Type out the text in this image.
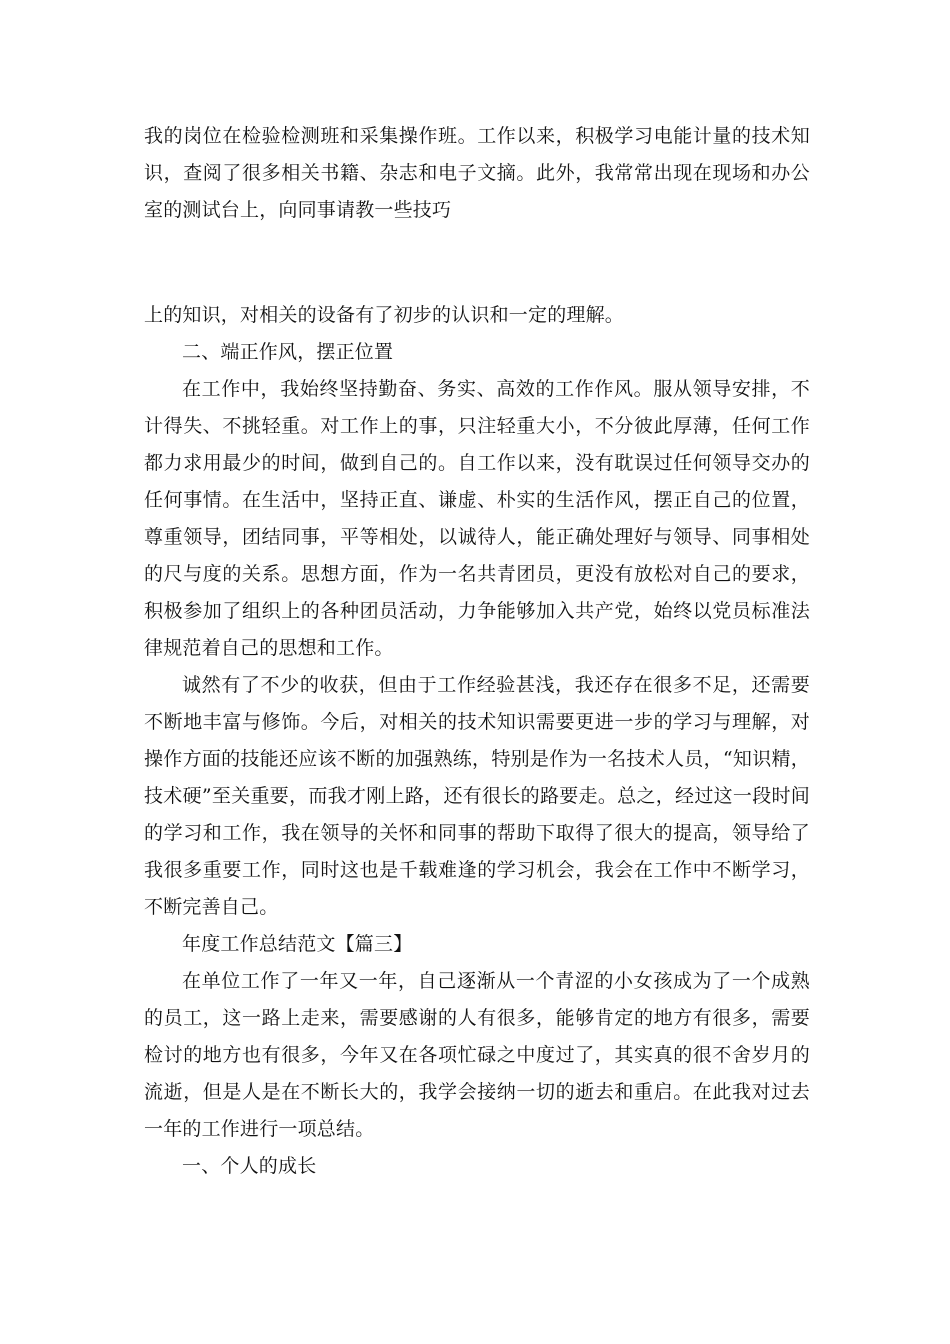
我的岗位在检验检测班和采集操作班。工作以来，积极学习电能计量的技术知识，查阅了很多相关书籍、杂志和电子文摘。此外，我常常出现在现场和办公室的测试台上，向同事请教一些技巧

上的知识，对相关的设备有了初步的认识和一定的理解。

二、端正作风，摆正位置

在工作中，我始终坚持勤奋、务实、高效的工作作风。服从领导安排，不计得失、不挑轻重。对工作上的事，只注轻重大小，不分彼此厚薄，任何工作都力求用最少的时间，做到自己的。自工作以来，没有耽误过任何领导交办的任何事情。在生活中，坚持正直、谦虚、朴实的生活作风，摆正自己的位置，尊重领导，团结同事，平等相处，以诚待人，能正确处理好与领导、同事相处的尺与度的关系。思想方面，作为一名共青团员，更没有放松对自己的要求，积极参加了组织上的各种团员活动，力争能够加入共产党，始终以党员标准法律规范着自己的思想和工作。

诚然有了不少的收获，但由于工作经验甚浅，我还存在很多不足，还需要不断地丰富与修饰。今后，对相关的技术知识需要更进一步的学习与理解，对操作方面的技能还应该不断的加强熟练，特别是作为一名技术人员，“知识精，技术硬”至关重要，而我才刚上路，还有很长的路要走。总之，经过这一段时间的学习和工作，我在领导的关怀和同事的帮助下取得了很大的提高，领导给了我很多重要工作，同时这也是千载难逢的学习机会，我会在工作中不断学习，不断完善自己。

年度工作总结范文【篇三】

在单位工作了一年又一年，自己逐渐从一个青涩的小女孩成为了一个成熟的员工，这一路上走来，需要感谢的人有很多，能够肯定的地方有很多，需要检讨的地方也有很多，今年又在各项忙碌之中度过了，其实真的很不舍岁月的流逝，但是人是在不断长大的，我学会接纳一切的逝去和重启。在此我对过去一年的工作进行一项总结。

一、个人的成长
